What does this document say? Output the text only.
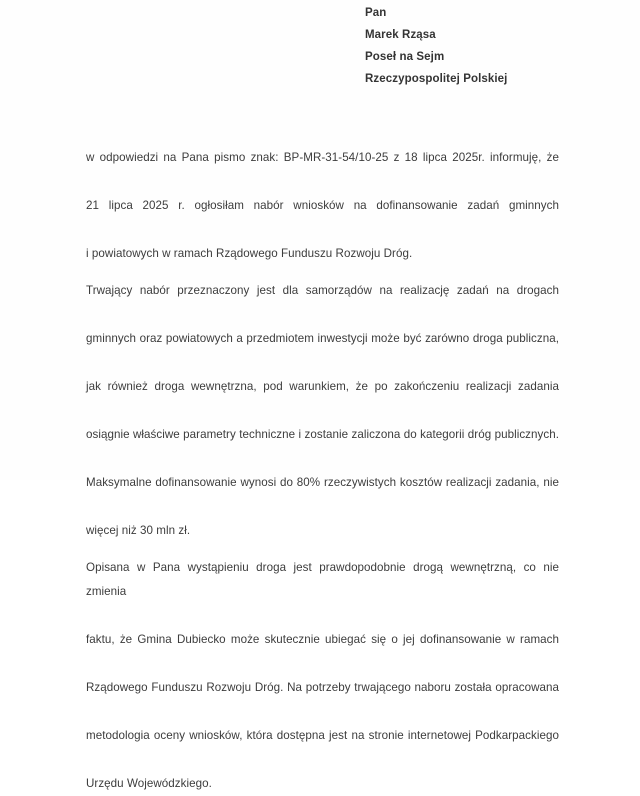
Pan
Marek Rząsa
Poseł na Sejm
Rzeczypospolitej Polskiej

w odpowiedzi na Pana pismo znak: BP-MR-31-54/10-25 z 18 lipca 2025r. informuję, że
21 lipca 2025 r. ogłosiłam nabór wniosków na dofinansowanie zadań gminnych
i powiatowych w ramach Rządowego Funduszu Rozwoju Dróg.

Trwający nabór przeznaczony jest dla samorządów na realizację zadań na drogach
gminnych oraz powiatowych a przedmiotem inwestycji może być zarówno droga publiczna,
jak również droga wewnętrzna, pod warunkiem, że po zakończeniu realizacji zadania
osiągnie właściwe parametry techniczne i zostanie zaliczona do kategorii dróg publicznych.
Maksymalne dofinansowanie wynosi do 80% rzeczywistych kosztów realizacji zadania, nie
więcej niż 30 mln zł.

Opisana w Pana wystąpieniu droga jest prawdopodobnie drogą wewnętrzną, co nie zmienia
faktu, że Gmina Dubiecko może skutecznie ubiegać się o jej dofinansowanie w ramach
Rządowego Funduszu Rozwoju Dróg. Na potrzeby trwającego naboru została opracowana
metodologia oceny wniosków, która dostępna jest na stronie internetowej Podkarpackiego
Urzędu Wojewódzkiego.
